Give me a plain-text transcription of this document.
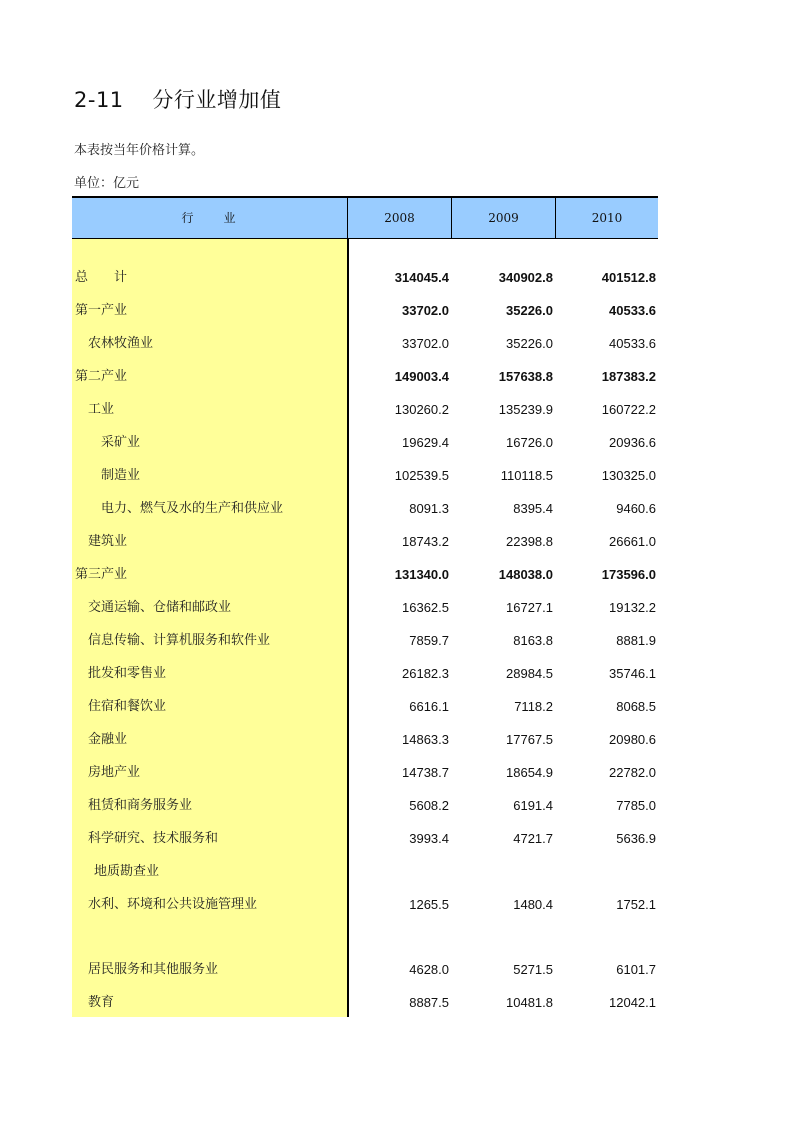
2-11　 分行业增加值
本表按当年价格计算。
单位：亿元
行　　业	2008	2009	2010
总　　计	314045.4	340902.8	401512.8
第一产业	33702.0	35226.0	40533.6
农林牧渔业	33702.0	35226.0	40533.6
第二产业	149003.4	157638.8	187383.2
工业	130260.2	135239.9	160722.2
采矿业	19629.4	16726.0	20936.6
制造业	102539.5	110118.5	130325.0
电力、燃气及水的生产和供应业	8091.3	8395.4	9460.6
建筑业	18743.2	22398.8	26661.0
第三产业	131340.0	148038.0	173596.0
交通运输、仓储和邮政业	16362.5	16727.1	19132.2
信息传输、计算机服务和软件业	7859.7	8163.8	8881.9
批发和零售业	26182.3	28984.5	35746.1
住宿和餐饮业	6616.1	7118.2	8068.5
金融业	14863.3	17767.5	20980.6
房地产业	14738.7	18654.9	22782.0
租赁和商务服务业	5608.2	6191.4	7785.0
科学研究、技术服务和	3993.4	4721.7	5636.9
地质勘查业
水利、环境和公共设施管理业	1265.5	1480.4	1752.1
居民服务和其他服务业	4628.0	5271.5	6101.7
教育	8887.5	10481.8	12042.1
